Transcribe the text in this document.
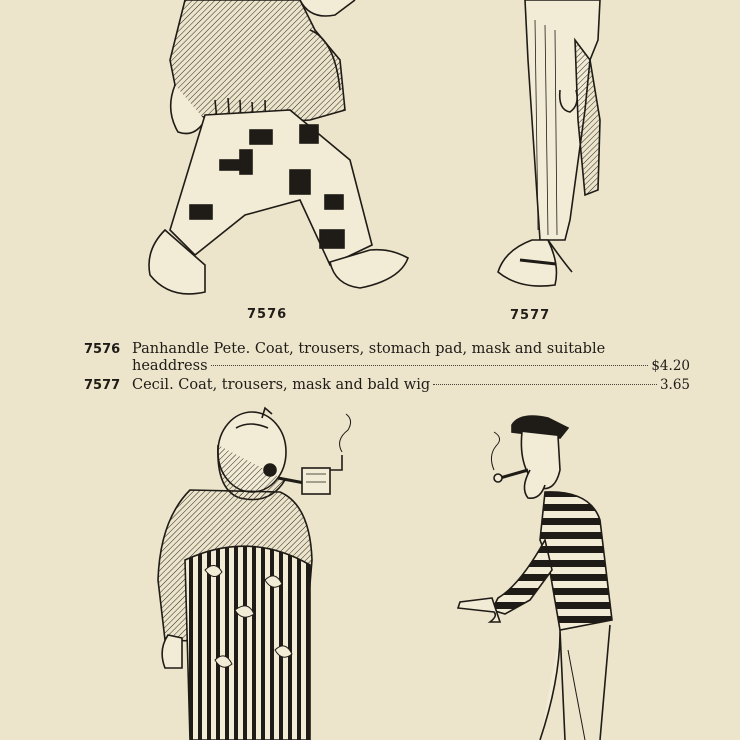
7576	7577
7576 Panhandle Pete. Coat, trousers, stomach pad, mask and suitable
headdress	$4.20
7577 Cecil. Coat, trousers, mask and bald wig	3.65
